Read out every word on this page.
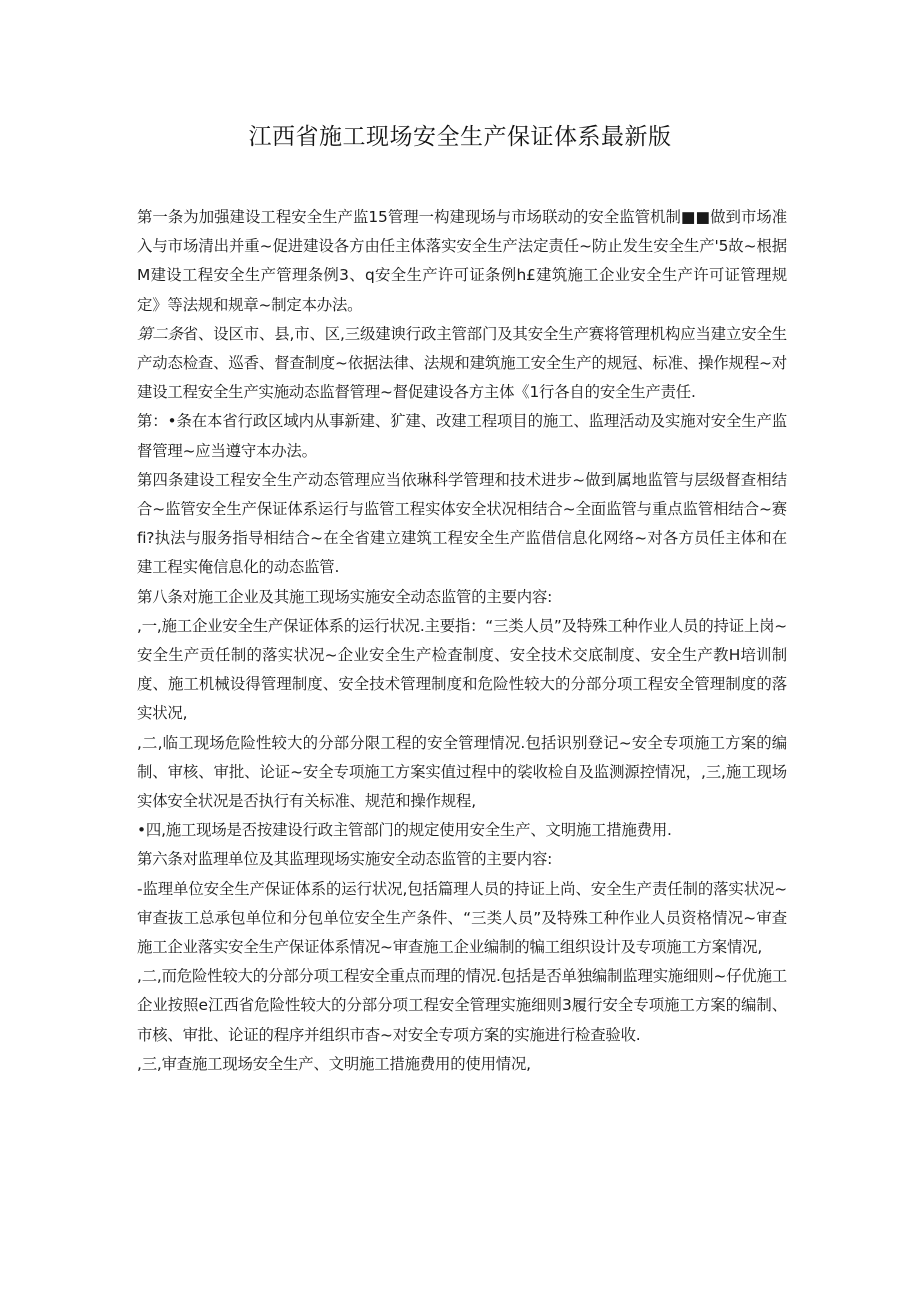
江西省施工现场安全生产保证体系最新版

第一条为加强建设工程安全生产监15管理一构建现场与市场联动的安全监管机制■■做到市场准入与市场清出并重~促进建设各方由任主体落实安全生产法定责任~防止发生安全生产'5故~根据M建设工程安全生产管理条例3、q安全生产许可证条例h£建筑施工企业安全生产许可证管理规定》等法规和规章~制定本办法。

第二条省、设区市、县,市、区,三级建谀行政主管部门及其安全生产赛将管理机构应当建立安全生产动态检查、巡香、督查制度~依据法律、法规和建筑施工安全生产的规冠、标准、操作规程~对建设工程安全生产实施动态监督管理~督促建设各方主体《1行各自的安全生产责任.

第：•条在本省行政区域内从事新建、犷建、改建工程项目的施工、监理活动及实施对安全生产监督管理~应当遵守本办法。

第四条建设工程安全生产动态管理应当依琳科学管理和技术进步~做到属地监管与层级督查相结合~监管安全生产保证体系运行与监管工程实体安全状况相结合~全面监管与重点监管相结合~赛fi?执法与服务指导相结合~在全省建立建筑工程安全生产监借信息化网络~对各方员任主体和在建工程实俺信息化的动态监管.

第八条对施工企业及其施工现场实施安全动态监管的主要内容:

,一,施工企业安全生产保证体系的运行状况.主要指：“三类人员”及特殊工种作业人员的持证上岗~安全生产贡任制的落实状况~企业安全生产检査制度、安全技术交底制度、安全生产教H培训制度、施工机械设得管理制度、安全技术管理制度和危险性较大的分部分项工程安全管理制度的落实状况,

,二,临工现场危险性较大的分部分限工程的安全管理情况.包括识别登记~安全专项施工方案的编制、审核、审批、论证~安全专项施工方案实值过程中的裟收检自及监测源控情况，,三,施工现场实体安全状况是否执行有关标准、规范和操作规程,

•四,施工现场是否按建设行政主管部门的规定使用安全生产、文明施工措施费用.

第六条对监理单位及其监理现场实施安全动态监管的主要内容:

-监理单位安全生产保证体系的运行状况,包括篇理人员的持证上尚、安全生产责任制的落实状况~审查抜工总承包单位和分包单位安全生产条件、“三类人员”及特殊工种作业人员资格情况~审查施工企业落实安全生产保证体系情况~审查施工企业编制的犏工组织设计及专项施工方案情况,

,二,而危险性较大的分部分项工程安全重点而理的情况.包括是否单独编制监理实施细则~仔优施工企业按照e江西省危险性较大的分部分项工程安全管理实施细则3履行安全专项施工方案的编制、市核、审批、论证的程序并组织市杳~对安全专项方案的实施进行检查验收.

,三,审查施工现场安全生产、文明施工措施费用的使用情况,
